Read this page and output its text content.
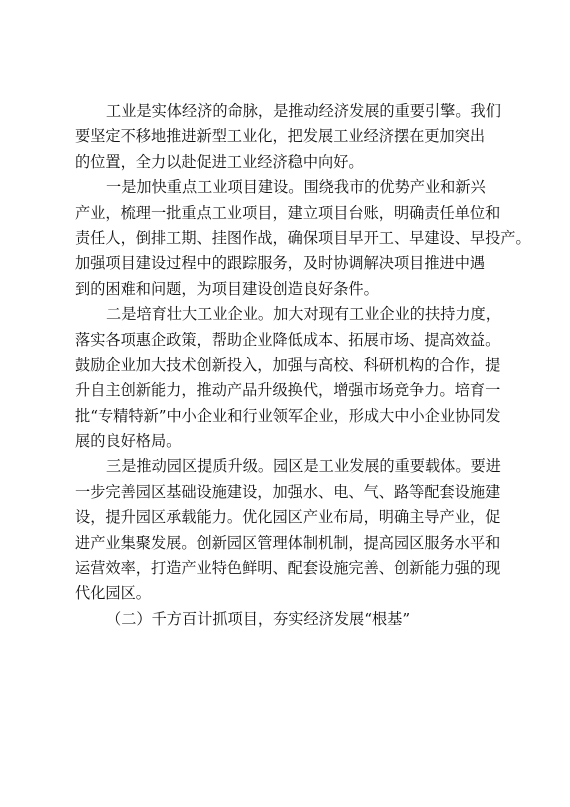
工业是实体经济的命脉，是推动经济发展的重要引擎。我们
要坚定不移地推进新型工业化，把发展工业经济摆在更加突出
的位置，全力以赴促进工业经济稳中向好。
一是加快重点工业项目建设。围绕我市的优势产业和新兴
产业，梳理一批重点工业项目，建立项目台账，明确责任单位和
责任人，倒排工期、挂图作战，确保项目早开工、早建设、早投产。
加强项目建设过程中的跟踪服务，及时协调解决项目推进中遇
到的困难和问题，为项目建设创造良好条件。
二是培育壮大工业企业。加大对现有工业企业的扶持力度，
落实各项惠企政策，帮助企业降低成本、拓展市场、提高效益。
鼓励企业加大技术创新投入，加强与高校、科研机构的合作，提
升自主创新能力，推动产品升级换代，增强市场竞争力。培育一
批“专精特新”中小企业和行业领军企业，形成大中小企业协同发
展的良好格局。
三是推动园区提质升级。园区是工业发展的重要载体。要进
一步完善园区基础设施建设，加强水、电、气、路等配套设施建
设，提升园区承载能力。优化园区产业布局，明确主导产业，促
进产业集聚发展。创新园区管理体制机制，提高园区服务水平和
运营效率，打造产业特色鲜明、配套设施完善、创新能力强的现
代化园区。
（二）千方百计抓项目，夯实经济发展“根基”
